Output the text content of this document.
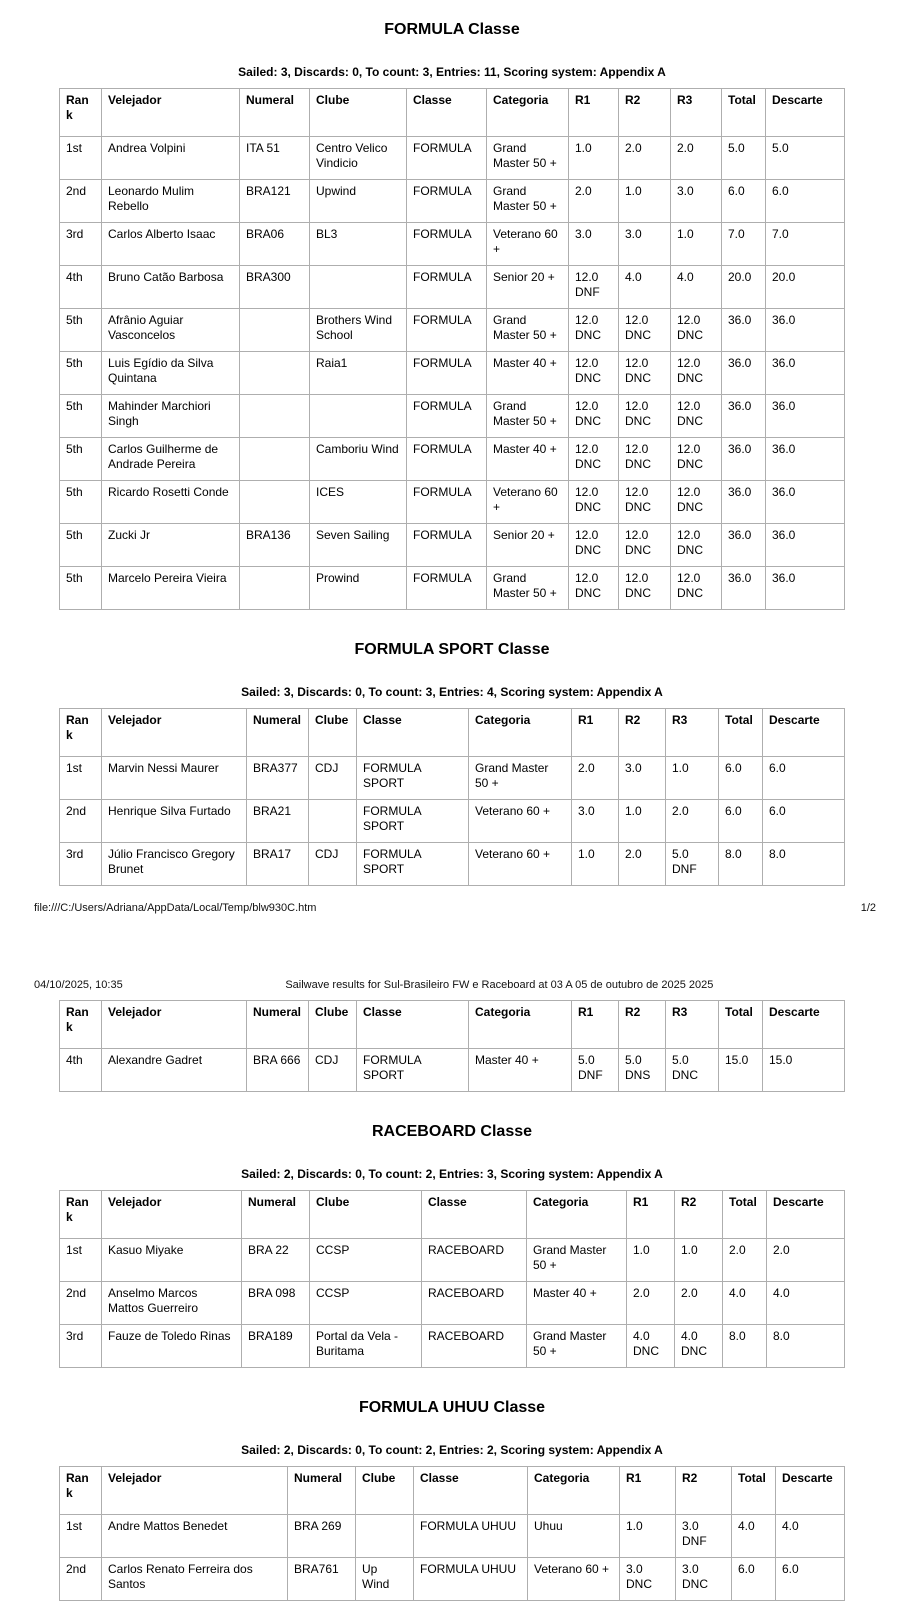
FORMULA Classe

Sailed: 3, Discards: 0, To count: 3, Entries: 11, Scoring system: Appendix A

Rank	Velejador	Numeral	Clube	Classe	Categoria	R1	R2	R3	Total	Descarte
1st	Andrea Volpini	ITA 51	Centro Velico Vindicio	FORMULA	Grand Master 50 +	1.0	2.0	2.0	5.0	5.0
2nd	Leonardo Mulim Rebello	BRA121	Upwind	FORMULA	Grand Master 50 +	2.0	1.0	3.0	6.0	6.0
3rd	Carlos Alberto Isaac	BRA06	BL3	FORMULA	Veterano 60 +	3.0	3.0	1.0	7.0	7.0
4th	Bruno Catão Barbosa	BRA300		FORMULA	Senior 20 +	12.0 DNF	4.0	4.0	20.0	20.0
5th	Afrânio Aguiar Vasconcelos		Brothers Wind School	FORMULA	Grand Master 50 +	12.0 DNC	12.0 DNC	12.0 DNC	36.0	36.0
5th	Luis Egídio da Silva Quintana		Raia1	FORMULA	Master 40 +	12.0 DNC	12.0 DNC	12.0 DNC	36.0	36.0
5th	Mahinder Marchiori Singh			FORMULA	Grand Master 50 +	12.0 DNC	12.0 DNC	12.0 DNC	36.0	36.0
5th	Carlos Guilherme de Andrade Pereira		Camboriu Wind	FORMULA	Master 40 +	12.0 DNC	12.0 DNC	12.0 DNC	36.0	36.0
5th	Ricardo Rosetti Conde		ICES	FORMULA	Veterano 60 +	12.0 DNC	12.0 DNC	12.0 DNC	36.0	36.0
5th	Zucki Jr	BRA136	Seven Sailing	FORMULA	Senior 20 +	12.0 DNC	12.0 DNC	12.0 DNC	36.0	36.0
5th	Marcelo Pereira Vieira		Prowind	FORMULA	Grand Master 50 +	12.0 DNC	12.0 DNC	12.0 DNC	36.0	36.0
FORMULA SPORT Classe

Sailed: 3, Discards: 0, To count: 3, Entries: 4, Scoring system: Appendix A

Rank	Velejador	Numeral	Clube	Classe	Categoria	R1	R2	R3	Total	Descarte
1st	Marvin Nessi Maurer	BRA377	CDJ	FORMULA SPORT	Grand Master 50 +	2.0	3.0	1.0	6.0	6.0
2nd	Henrique Silva Furtado	BRA21		FORMULA SPORT	Veterano 60 +	3.0	1.0	2.0	6.0	6.0
3rd	Júlio Francisco Gregory Brunet	BRA17	CDJ	FORMULA SPORT	Veterano 60 +	1.0	2.0	5.0 DNF	8.0	8.0
file:///C:/Users/Adriana/AppData/Local/Temp/blw930C.htm	1/2
04/10/2025, 10:35	Sailwave results for Sul-Brasileiro FW e Raceboard at 03 A 05 de outubro de 2025 2025
Rank	Velejador	Numeral	Clube	Classe	Categoria	R1	R2	R3	Total	Descarte
4th	Alexandre Gadret	BRA 666	CDJ	FORMULA SPORT	Master 40 +	5.0 DNF	5.0 DNS	5.0 DNC	15.0	15.0
RACEBOARD Classe

Sailed: 2, Discards: 0, To count: 2, Entries: 3, Scoring system: Appendix A

Rank	Velejador	Numeral	Clube	Classe	Categoria	R1	R2	Total	Descarte
1st	Kasuo Miyake	BRA 22	CCSP	RACEBOARD	Grand Master 50 +	1.0	1.0	2.0	2.0
2nd	Anselmo Marcos Mattos Guerreiro	BRA 098	CCSP	RACEBOARD	Master 40 +	2.0	2.0	4.0	4.0
3rd	Fauze de Toledo Rinas	BRA189	Portal da Vela - Buritama	RACEBOARD	Grand Master 50 +	4.0 DNC	4.0 DNC	8.0	8.0
FORMULA UHUU Classe

Sailed: 2, Discards: 0, To count: 2, Entries: 2, Scoring system: Appendix A

Rank	Velejador	Numeral	Clube	Classe	Categoria	R1	R2	Total	Descarte
1st	Andre Mattos Benedet	BRA 269		FORMULA UHUU	Uhuu	1.0	3.0 DNF	4.0	4.0
2nd	Carlos Renato Ferreira dos Santos	BRA761	Up Wind	FORMULA UHUU	Veterano 60 +	3.0 DNC	3.0 DNC	6.0	6.0
